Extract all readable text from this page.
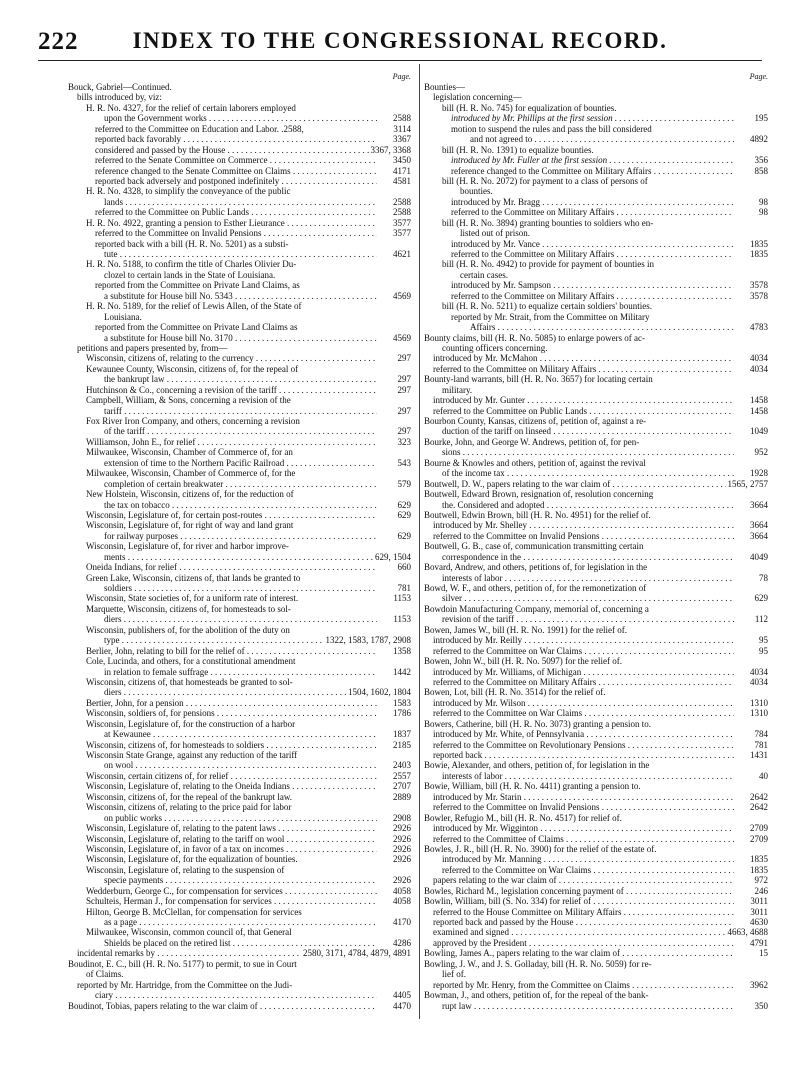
222	INDEX TO THE CONGRESSIONAL RECORD.
Page.
Bouck, Gabriel—Continued.
bills introduced by, viz:
H. R. No. 4327, for the relief of certain laborers employed
upon the Government works . . .	2588
referred to the Committee on Education and Labor. .2588,	3114
reported back favorably . . .	3367
considered and passed by the House . . .	3367, 3368
referred to the Senate Committee on Commerce . . .	3450
reference changed to the Senate Committee on Claims . . .	4171
reported back adversely and postponed indefinitely . . .	4581
H. R. No. 4328, to simplify the conveyance of the public
lands . . .	2588
referred to the Committee on Public Lands . . .	2588
H. R. No. 4922, granting a pension to Esther Lieurance . . .	3577
referred to the Committee on Invalid Pensions . . .	3577
reported back with a bill (H. R. No. 5201) as a substi-
tute . . .	4621
H. R. No. 5188, to confirm the title of Charles Olivier Du-
clozel to certain lands in the State of Louisiana.
reported from the Committee on Private Land Claims, as
a substitute for House bill No. 5343 . . .	4569
H. R. No. 5189, for the relief of Lewis Allen, of the State of
Louisiana.
reported from the Committee on Private Land Claims as
a substitute for House bill No. 3170 . . .	4569
petitions and papers presented by, from—
Wisconsin, citizens of, relating to the currency . . .	297
Kewaunee County, Wisconsin, citizens of, for the repeal of
the bankrupt law . . .	297
Hutchinson & Co., concerning a revision of the tariff . . .	297
Campbell, William, & Sons, concerning a revision of the
tariff . . .	297
Fox River Iron Company, and others, concerning a revision
of the tariff . . .	297
Williamson, John E., for relief . . .	323
Milwaukee, Wisconsin, Chamber of Commerce of, for an
extension of time to the Northern Pacific Railroad . . .	543
Milwaukee, Wisconsin, Chamber of Commerce of, for the
completion of certain breakwater . . .	579
New Holstein, Wisconsin, citizens of, for the reduction of
the tax on tobacco . . .	629
Wisconsin, Legislature of, for certain post-routes . . .	629
Wisconsin, Legislature of, for right of way and land grant
for railway purposes . . .	629
Wisconsin, Legislature of, for river and harbor improve-
ments . . .	629, 1504
Oneida Indians, for relief . . .	660
Green Lake, Wisconsin, citizens of, that lands be granted to
soldiers . . .	781
Wisconsin, State societies of, for a uniform rate of interest.	1153
Marquette, Wisconsin, citizens of, for homesteads to sol-
diers . . .	1153
Wisconsin, publishers of, for the abolition of the duty on
type . . .	1322, 1583, 1787, 2908
Berlier, John, relating to bill for the relief of . . .	1358
Cole, Lucinda, and others, for a constitutional amendment
in relation to female suffrage . . .	1442
Wisconsin, citizens of, that homesteads be granted to sol-
diers . . .	1504, 1602, 1804
Bertier, John, for a pension . . .	1583
Wisconsin, soldiers of, for pensions . . .	1786
Wisconsin, Legislature of, for the construction of a harbor
at Kewaunee . . .	1837
Wisconsin, citizens of, for homesteads to soldiers . . .	2185
Wisconsin State Grange, against any reduction of the tariff
on wool . . .	2403
Wisconsin, certain citizens of, for relief . . .	2557
Wisconsin, Legislature of, relating to the Oneida Indians . . .	2707
Wisconsin, citizens of, for the repeal of the bankrupt law.	2889
Wisconsin, citizens of, relating to the price paid for labor
on public works . . .	2908
Wisconsin, Legislature of, relating to the patent laws . . .	2926
Wisconsin, Legislature of, relating to the tariff on wool . . .	2926
Wisconsin, Legislature of, in favor of a tax on incomes . . .	2926
Wisconsin, Legislature of, for the equalization of bounties.	2926
Wisconsin, Legislature of, relating to the suspension of
specie payments . . .	2926
Wedderburn, George C., for compensation for services . . .	4058
Schulteis, Herman J., for compensation for services . . .	4058
Hilton, George B. McClellan, for compensation for services
as a page . . .	4170
Milwaukee, Wisconsin, common council of, that General
Shields be placed on the retired list . . .	4286
incidental remarks by . . .	2580, 3171, 4784, 4879, 4891
Boudinot, E. C., bill (H. R. No. 5177) to permit, to sue in Court
of Claims.
reported by Mr. Hartridge, from the Committee on the Judi-
ciary . . .	4405
Boudinot, Tobias, papers relating to the war claim of . . .	4470
Page.
Bounties—
legislation concerning—
bill (H. R. No. 745) for equalization of bounties.
introduced by Mr. Phillips at the first session . . .	195
motion to suspend the rules and pass the bill considered
and not agreed to . . .	4892
bill (H. R. No. 1391) to equalize bounties.
introduced by Mr. Fuller at the first session . . .	356
reference changed to the Committee on Military Affairs . . .	858
bill (H. R. No. 2072) for payment to a class of persons of
bounties.
introduced by Mr. Bragg . . .	98
referred to the Committee on Military Affairs . . .	98
bill (H. R. No. 3894) granting bounties to soldiers who en-
listed out of prison.
introduced by Mr. Vance . . .	1835
referred to the Committee on Military Affairs . . .	1835
bill (H. R. No. 4942) to provide for payment of bounties in
certain cases.
introduced by Mr. Sampson . . .	3578
referred to the Committee on Military Affairs . . .	3578
bill (H. R. No. 5211) to equalize certain soldiers' bounties.
reported by Mr. Strait, from the Committee on Military
Affairs . . .	4783
Bounty claims, bill (H. R. No. 5085) to enlarge powers of ac-
counting officers concerning.
introduced by Mr. McMahon . . .	4034
referred to the Committee on Military Affairs . . .	4034
Bounty-land warrants, bill (H. R. No. 3657) for locating certain
military.
introduced by Mr. Gunter . . .	1458
referred to the Committee on Public Lands . . .	1458
Bourbon County, Kansas, citizens of, petition of, against a re-
duction of the tariff on linseed . . .	1049
Bourke, John, and George W. Andrews, petition of, for pen-
sions . . .	952
Bourne & Knowles and others, petition of, against the revival
of the income tax . . .	1928
Boutwell, D. W., papers relating to the war claim of . . .	1565, 2757
Boutwell, Edward Brown, resignation of, resolution concerning
the. Considered and adopted . . .	3664
Boutwell, Edwin Brown, bill (H. R. No. 4951) for the relief of.
introduced by Mr. Shelley . . .	3664
referred to the Committee on Invalid Pensions . . .	3664
Boutwell, G. B., case of, communication transmitting certain
correspondence in the . . .	4049
Bovard, Andrew, and others, petitions of, for legislation in the
interests of labor . . .	78
Bowd, W. F., and others, petition of, for the remonetization of
silver . . .	629
Bowdoin Manufacturing Company, memorial of, concerning a
revision of the tariff . . .	112
Bowen, James W., bill (H. R. No. 1991) for the relief of.
introduced by Mr. Reilly . . .	95
referred to the Committee on War Claims . . .	95
Bowen, John W., bill (H. R. No. 5097) for the relief of.
introduced by Mr. Williams, of Michigan . . .	4034
referred to the Committee on Military Affairs . . .	4034
Bowen, Lot, bill (H. R. No. 3514) for the relief of.
introduced by Mr. Wilson . . .	1310
referred to the Committee on War Claims . . .	1310
Bowers, Catherine, bill (H. R. No. 3073) granting a pension to.
introduced by Mr. White, of Pennsylvania . . .	784
referred to the Committee on Revolutionary Pensions . . .	781
reported back . . .	1431
Bowie, Alexander, and others, petition of, for legislation in the
interests of labor . . .	40
Bowie, William, bill (H. R. No. 4411) granting a pension to.
introduced by Mr. Starin . . .	2642
referred to the Committee on Invalid Pensions . . .	2642
Bowler, Refugio M., bill (H. R. No. 4517) for relief of.
introduced by Mr. Wigginton . . .	2709
referred to the Committee of Claims . . .	2709
Bowles, J. R., bill (H. R. No. 3900) for the relief of the estate of.
introduced by Mr. Manning . . .	1835
referred to the Committee on War Claims . . .	1835
papers relating to the war claim of . . .	972
Bowles, Richard M., legislation concerning payment of . . .	246
Bowlin, William, bill (S. No. 334) for relief of . . .	3011
referred to the House Committee on Military Affairs . . .	3011
reported back and passed by the House . . .	4630
examined and signed . . .	4663, 4688
approved by the President . . .	4791
Bowling, James A., papers relating to the war claim of . . .	15
Bowling, J. W., and J. S. Golladay, bill (H. R. No. 5059) for re-
lief of.
reported by Mr. Henry, from the Committee on Claims . . .	3962
Bowman, J., and others, petition of, for the repeal of the bank-
rupt law . . .	350
